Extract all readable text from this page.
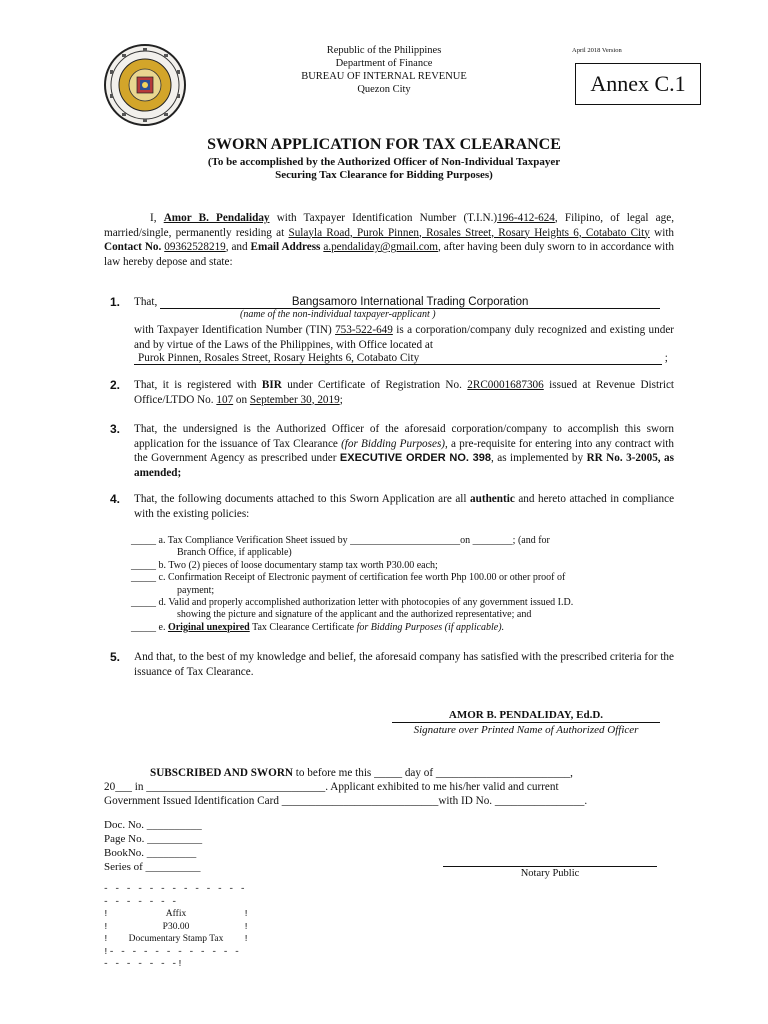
Republic of the Philippines
Department of Finance
BUREAU OF INTERNAL REVENUE
Quezon City
April 2018 Version
Annex C.1
SWORN APPLICATION FOR TAX CLEARANCE
(To be accomplished by the Authorized Officer of Non-Individual Taxpayer
Securing Tax Clearance for Bidding Purposes)
I, Amor B. Pendaliday with Taxpayer Identification Number (T.I.N.)196-412-624, Filipino, of legal age, married/single, permanently residing at Sulayla Road, Purok Pinnen, Rosales Street, Rosary Heights 6, Cotabato City with Contact No. 09362528219, and Email Address a.pendaliday@gmail.com, after having been duly sworn to in accordance with law hereby depose and state:
1. That,	Bangsamoro International Trading Corporation
(name of the non-individual taxpayer-applicant )
with Taxpayer Identification Number (TIN) 753-522-649 is a corporation/company duly recognized and existing under and by virtue of the Laws of the Philippines, with Office located at
Purok Pinnen, Rosales Street, Rosary Heights 6, Cotabato City	;
2. That, it is registered with BIR under Certificate of Registration No. 2RC0001687306 issued at Revenue District Office/LTDO No. 107 on September 30, 2019;
3. That, the undersigned is the Authorized Officer of the aforesaid corporation/company to accomplish this sworn application for the issuance of Tax Clearance (for Bidding Purposes), a pre-requisite for entering into any contract with the Government Agency as prescribed under EXECUTIVE ORDER NO. 398, as implemented by RR No. 3-2005, as amended;
4. That, the following documents attached to this Sworn Application are all authentic and hereto attached in compliance with the existing policies:
_____ a. Tax Compliance Verification Sheet issued by ______________________on ________; (and for
Branch Office, if applicable)
_____ b. Two (2) pieces of loose documentary stamp tax worth P30.00 each;
_____ c. Confirmation Receipt of Electronic payment of certification fee worth Php 100.00 or other proof of
payment;
_____ d. Valid and properly accomplished authorization letter with photocopies of any government issued I.D.
showing the picture and signature of the applicant and the authorized representative; and
_____ e. Original unexpired Tax Clearance Certificate for Bidding Purposes (if applicable).
5. And that, to the best of my knowledge and belief, the aforesaid company has satisfied with the prescribed criteria for the issuance of Tax Clearance.
AMOR B. PENDALIDAY, Ed.D.
Signature over Printed Name of Authorized Officer
SUBSCRIBED AND SWORN to before me this _____ day of ________________________,
20___ in ________________________________. Applicant exhibited to me his/her valid and current
Government Issued Identification Card ____________________________with ID No. ________________.
Doc. No. __________
Page No. __________
BookNo. _________
Series of __________
Notary Public
- - - - - - - - - - - - - - - - - - - -
!	Affix	!
!	P30.00	!
! Documentary Stamp Tax !
!- - - - - - - - - - - - - - - - - - -!
